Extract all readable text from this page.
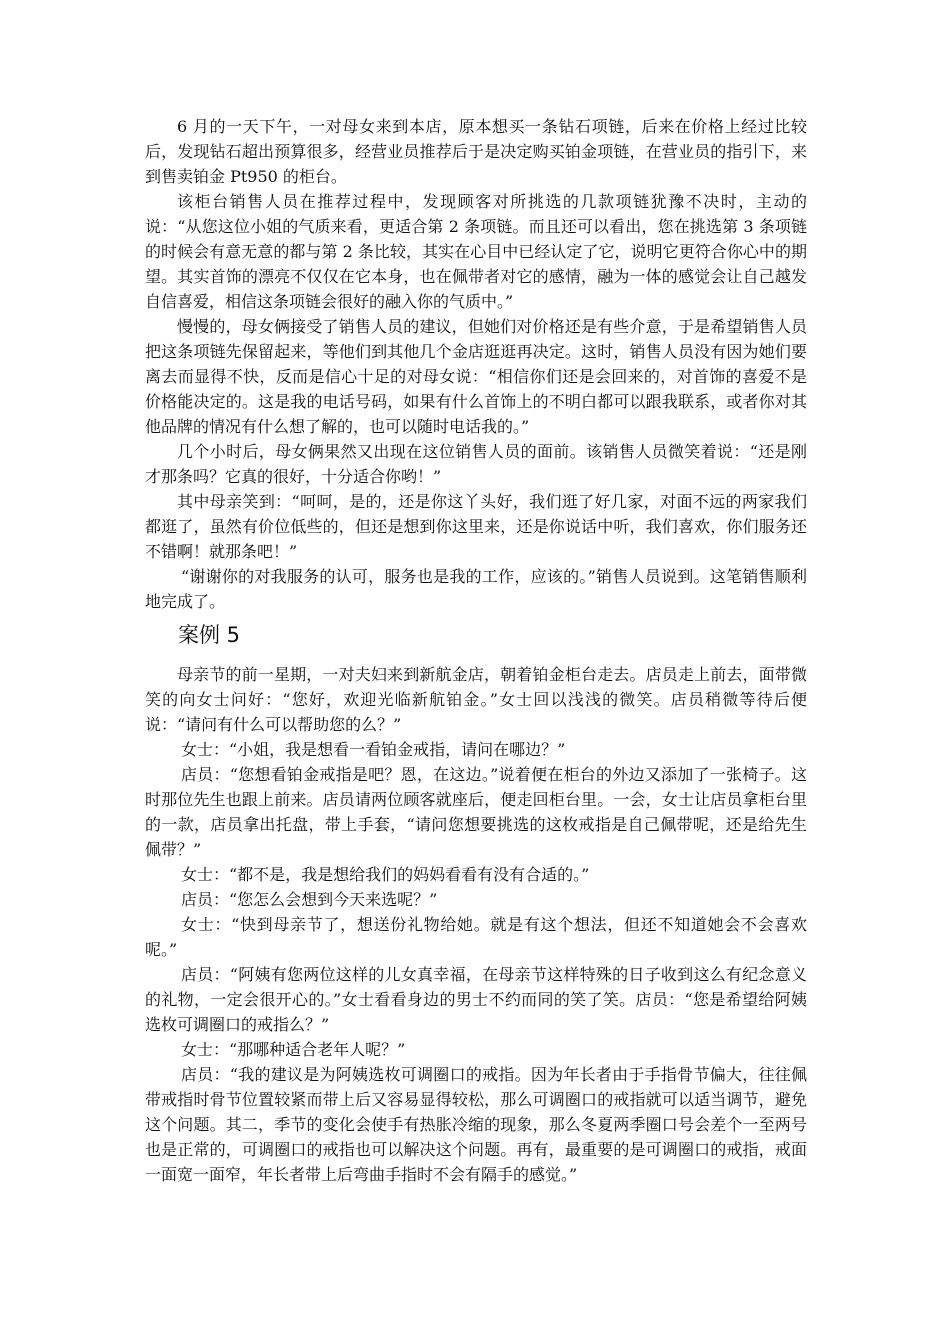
6 月的一天下午，一对母女来到本店，原本想买一条钻石项链，后来在价格上经过比较后，发现钻石超出预算很多，经营业员推荐后于是决定购买铂金项链，在营业员的指引下，来到售卖铂金 Pt950 的柜台。

该柜台销售人员在推荐过程中，发现顾客对所挑选的几款项链犹豫不决时，主动的说：“从您这位小姐的气质来看，更适合第 2 条项链。而且还可以看出，您在挑选第 3 条项链的时候会有意无意的都与第 2 条比较，其实在心目中已经认定了它，说明它更符合你心中的期望。其实首饰的漂亮不仅仅在它本身，也在佩带者对它的感情，融为一体的感觉会让自己越发自信喜爱，相信这条项链会很好的融入你的气质中。”

慢慢的，母女俩接受了销售人员的建议，但她们对价格还是有些介意，于是希望销售人员把这条项链先保留起来，等他们到其他几个金店逛逛再决定。这时，销售人员没有因为她们要离去而显得不快，反而是信心十足的对母女说：“相信你们还是会回来的，对首饰的喜爱不是价格能决定的。这是我的电话号码，如果有什么首饰上的不明白都可以跟我联系，或者你对其他品牌的情况有什么想了解的，也可以随时电话我的。”

几个小时后，母女俩果然又出现在这位销售人员的面前。该销售人员微笑着说：“还是刚才那条吗？它真的很好，十分适合你哟！”

其中母亲笑到：“呵呵，是的，还是你这丫头好，我们逛了好几家，对面不远的两家我们都逛了，虽然有价位低些的，但还是想到你这里来，还是你说话中听，我们喜欢，你们服务还不错啊！就那条吧！”

“谢谢你的对我服务的认可，服务也是我的工作，应该的。”销售人员说到。这笔销售顺利地完成了。

案例 5

母亲节的前一星期，一对夫妇来到新航金店，朝着铂金柜台走去。店员走上前去，面带微笑的向女士问好：“您好，欢迎光临新航铂金。”女士回以浅浅的微笑。店员稍微等待后便说：“请问有什么可以帮助您的么？”

女士：“小姐，我是想看一看铂金戒指，请问在哪边？”

店员：“您想看铂金戒指是吧？恩，在这边。”说着便在柜台的外边又添加了一张椅子。这时那位先生也跟上前来。店员请两位顾客就座后，便走回柜台里。一会，女士让店员拿柜台里的一款，店员拿出托盘，带上手套，“请问您想要挑选的这枚戒指是自己佩带呢，还是给先生佩带？”

女士：“都不是，我是想给我们的妈妈看看有没有合适的。”

店员：“您怎么会想到今天来选呢？”

女士：“快到母亲节了，想送份礼物给她。就是有这个想法，但还不知道她会不会喜欢呢。”

店员：“阿姨有您两位这样的儿女真幸福，在母亲节这样特殊的日子收到这么有纪念意义的礼物，一定会很开心的。”女士看看身边的男士不约而同的笑了笑。店员：“您是希望给阿姨选枚可调圈口的戒指么？”

女士：“那哪种适合老年人呢？”

店员：“我的建议是为阿姨选枚可调圈口的戒指。因为年长者由于手指骨节偏大，往往佩带戒指时骨节位置较紧而带上后又容易显得较松，那么可调圈口的戒指就可以适当调节，避免这个问题。其二，季节的变化会使手有热胀冷缩的现象，那么冬夏两季圈口号会差个一至两号也是正常的，可调圈口的戒指也可以解决这个问题。再有，最重要的是可调圈口的戒指，戒面一面宽一面窄，年长者带上后弯曲手指时不会有隔手的感觉。”
